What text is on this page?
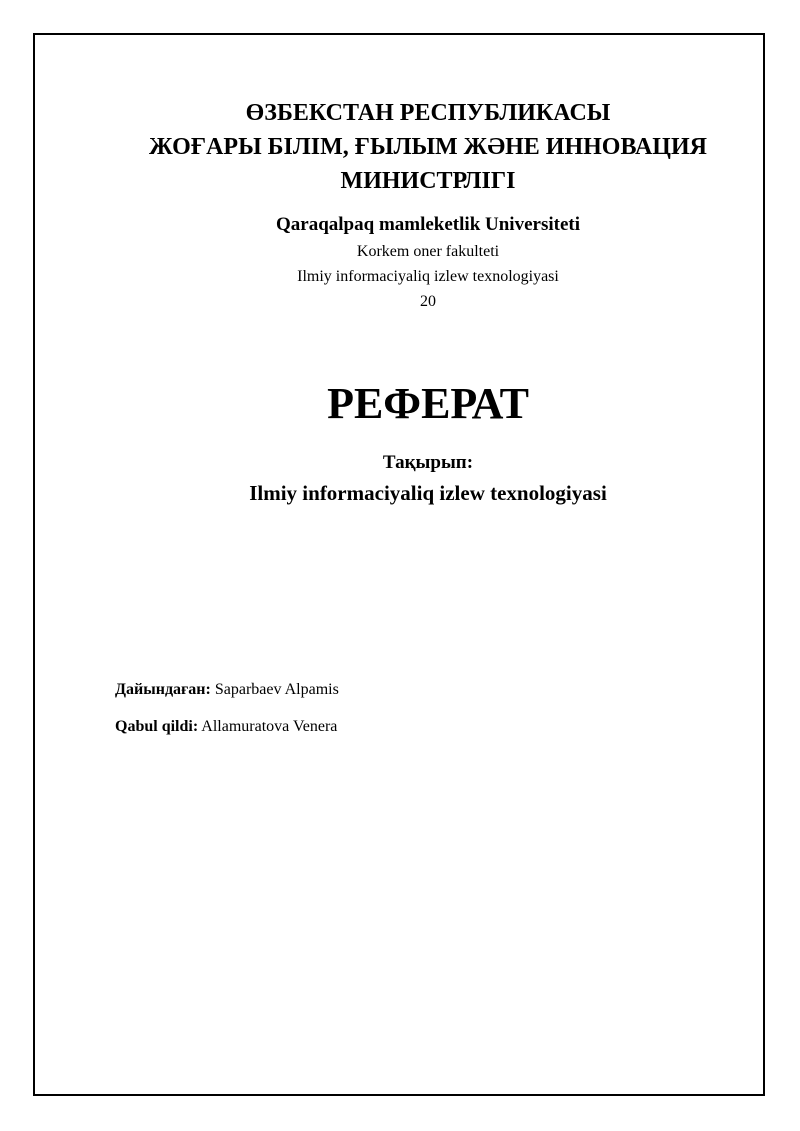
ӨЗБЕКСТАН РЕСПУБЛИКАСЫ
ЖОҒАРЫ БІЛІМ, ҒЫЛЫМ ЖӘНЕ ИННОВАЦИЯ
МИНИСТРЛІГІ
Qaraqalpaq mamleketlik Universiteti
Korkem oner fakulteti
Ilmiy informaciyaliq izlew texnologiyasi
20
РЕФЕРАТ
Тақырып:
Ilmiy informaciyaliq izlew texnologiyasi
Дайындаған: Saparbaev Alpamis
Qabul qildi: Allamuratova Venera
